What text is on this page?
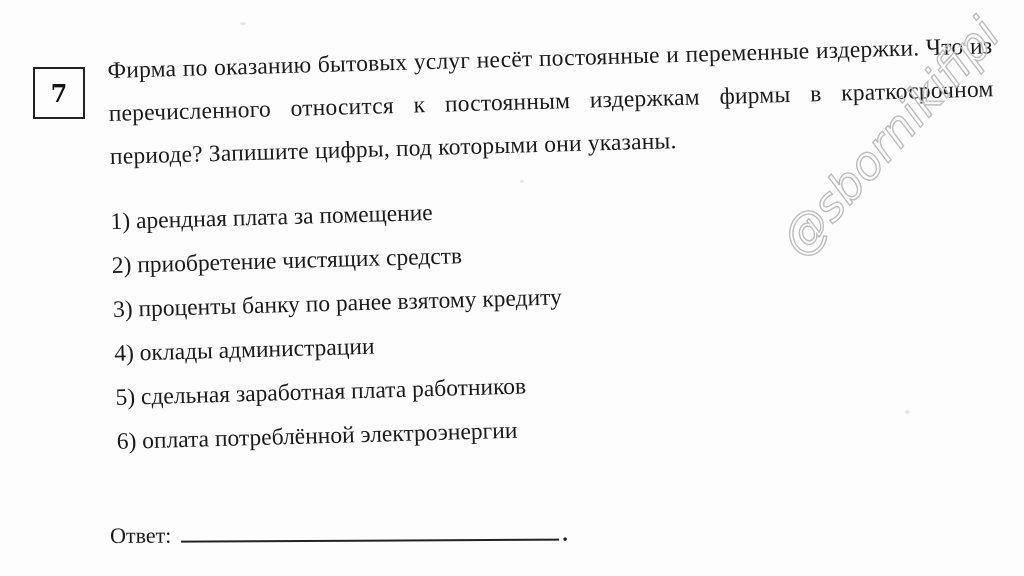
7

Фирма по оказанию бытовых услуг несёт постоянные и переменные издержки. Что из перечисленного относится к постоянным издержкам фирмы в краткосрочном периоде? Запишите цифры, под которыми они указаны.

1) арендная плата за помещение
2) приобретение чистящих средств
3) проценты банку по ранее взятому кредиту
4) оклады администрации
5) сдельная заработная плата работников
6) оплата потреблённой электроэнергии
Ответ:	.
@sbornikifipi
